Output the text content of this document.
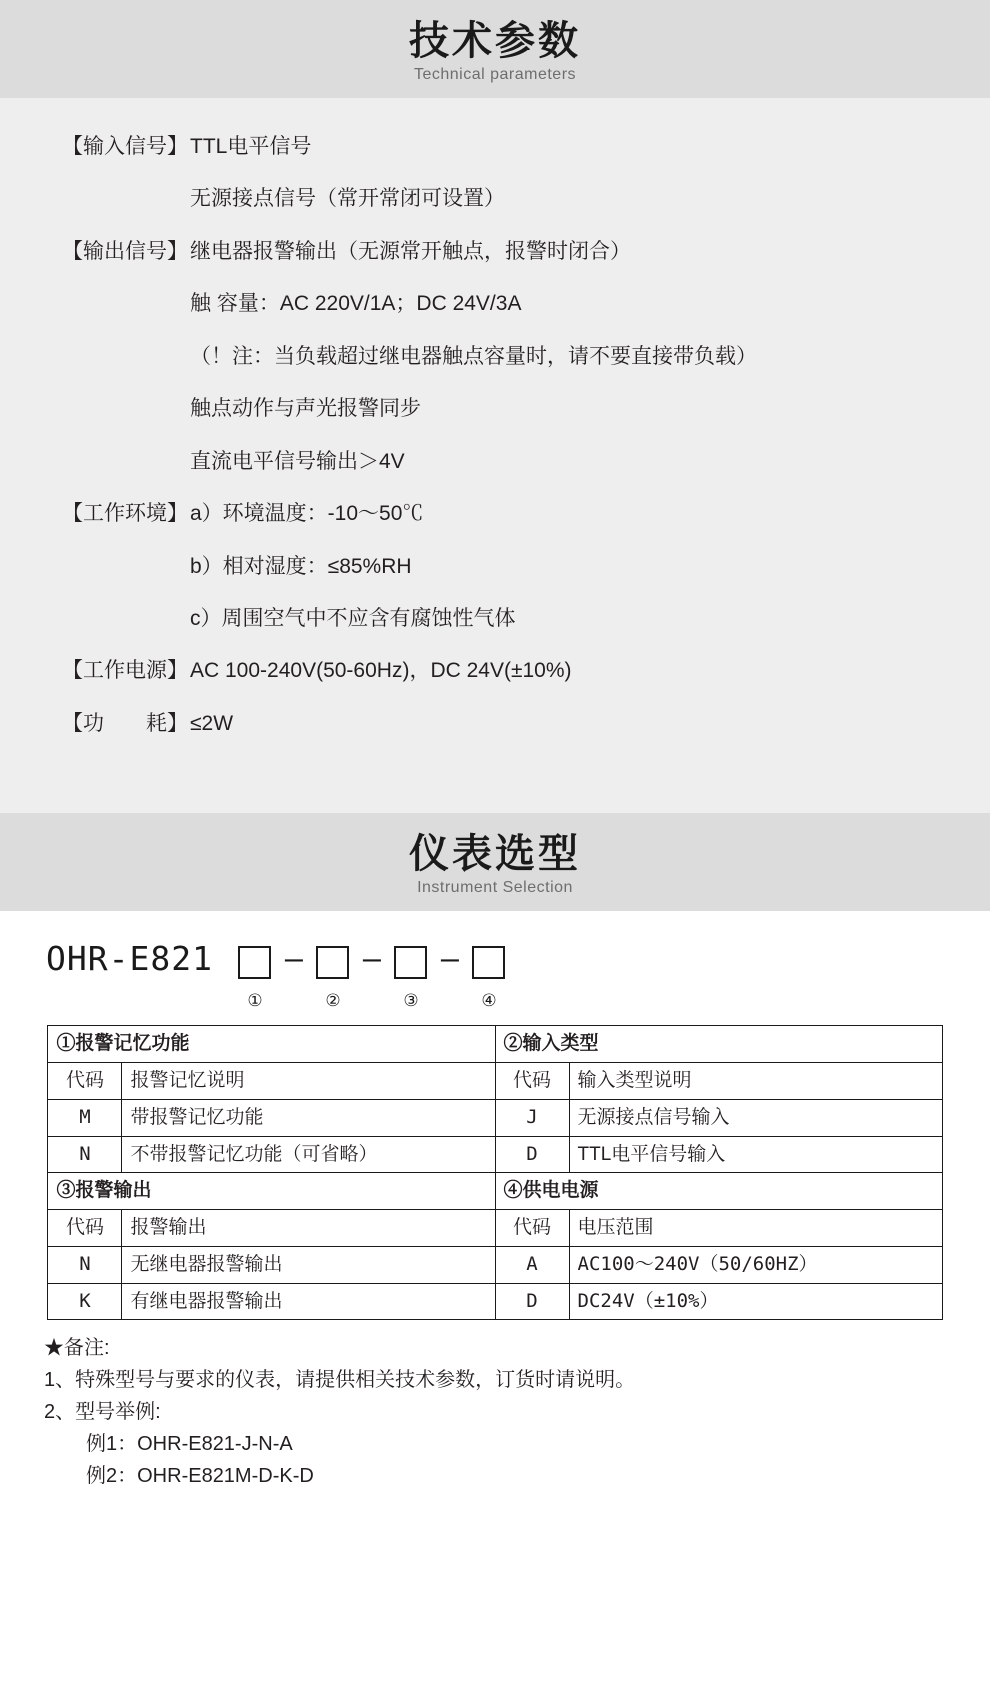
技术参数
Technical parameters
【输入信号】 TTL电平信号
无源接点信号（常开常闭可设置）
【输出信号】 继电器报警输出（无源常开触点，报警时闭合）
触 容量：AC 220V/1A；DC 24V/3A
（！注：当负载超过继电器触点容量时，请不要直接带负载）
触点动作与声光报警同步
直流电平信号输出＞4V
【工作环境】 a）环境温度：-10～50℃
b）相对湿度：≤85%RH
c）周围空气中不应含有腐蚀性气体
【工作电源】 AC 100-240V(50-60Hz)，DC 24V(±10%)
【功　　耗】 ≤2W
仪表选型
Instrument Selection
OHR-E821
①
—
②
—
③
—
④
①报警记忆功能		②输入类型	
代码	报警记忆说明	代码	输入类型说明
M	带报警记忆功能	J	无源接点信号输入
N	不带报警记忆功能（可省略）	D	TTL电平信号输入
③报警输出		④供电电源	
代码	报警输出	代码	电压范围
N	无继电器报警输出	A	AC100～240V（50/60HZ）
K	有继电器报警输出	D	DC24V（±10%）
★备注:
1、特殊型号与要求的仪表，请提供相关技术参数，订货时请说明。
2、型号举例:
例1：OHR-E821-J-N-A
例2：OHR-E821M-D-K-D
